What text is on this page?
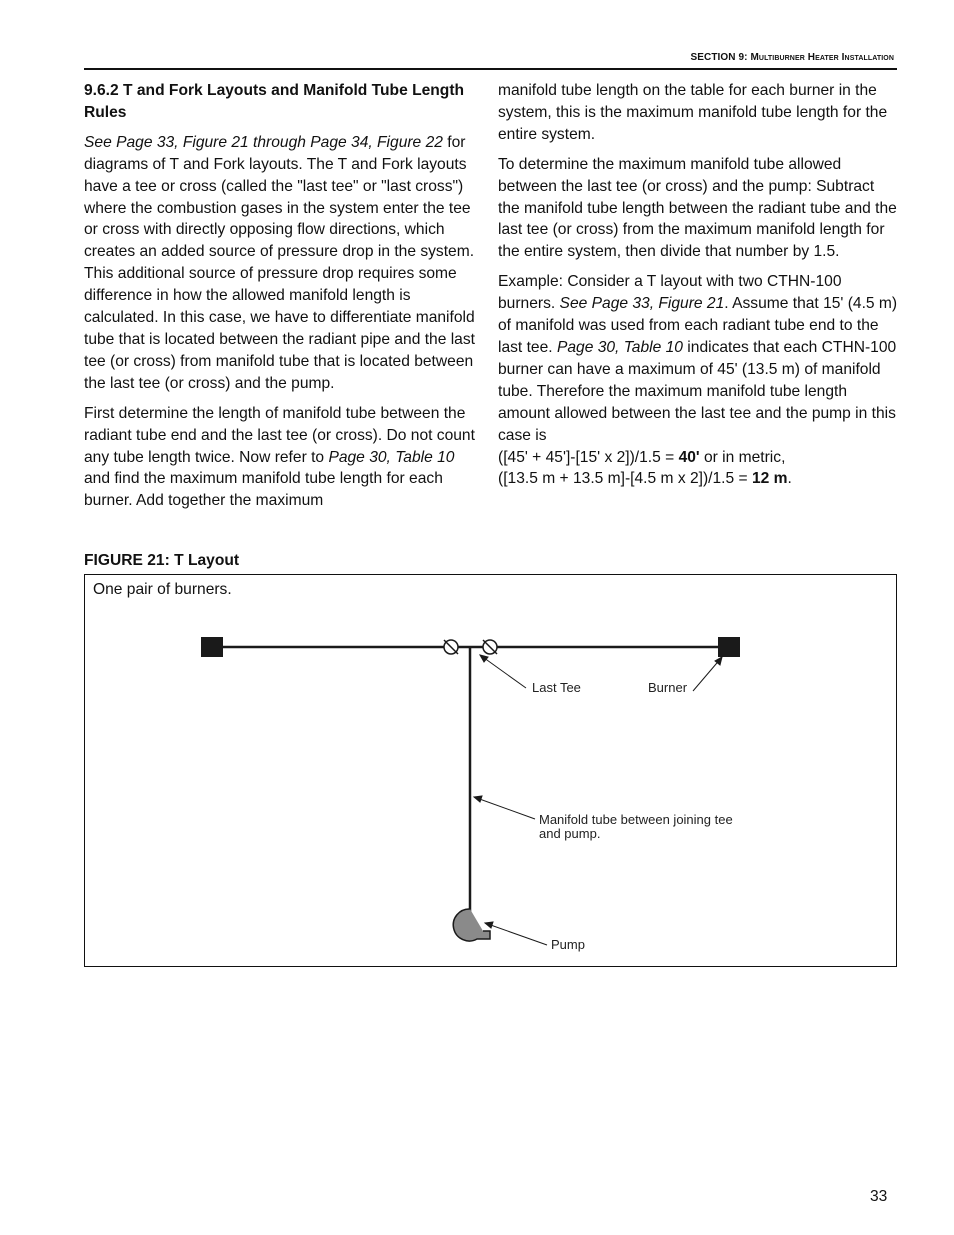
SECTION 9: Multiburner Heater Installation

9.6.2 T and Fork Layouts and Manifold Tube Length Rules

See Page 33, Figure 21 through Page 34, Figure 22 for diagrams of T and Fork layouts. The T and Fork layouts have a tee or cross (called the "last tee" or "last cross") where the combustion gases in the system enter the tee or cross with directly opposing flow directions, which creates an added source of pressure drop in the system. This additional source of pressure drop requires some difference in how the allowed manifold length is calculated. In this case, we have to differentiate manifold tube that is located between the radiant pipe and the last tee (or cross) from manifold tube that is located between the last tee (or cross) and the pump.

First determine the length of manifold tube between the radiant tube end and the last tee (or cross). Do not count any tube length twice. Now refer to Page 30, Table 10 and find the maximum manifold tube length for each burner. Add together the maximum

manifold tube length on the table for each burner in the system, this is the maximum manifold tube length for the entire system.

To determine the maximum manifold tube allowed between the last tee (or cross) and the pump: Subtract the manifold tube length between the radiant tube and the last tee (or cross) from the maximum manifold length for the entire system, then divide that number by 1.5.

Example: Consider a T layout with two CTHN-100 burners. See Page 33, Figure 21. Assume that 15' (4.5 m) of manifold was used from each radiant tube end to the last tee. Page 30, Table 10 indicates that each CTHN-100 burner can have a maximum of 45' (13.5 m) of manifold tube. Therefore the maximum manifold tube length amount allowed between the last tee and the pump in this case is

([45' + 45']-[15' x 2])/1.5 = 40' or in metric,
([13.5 m + 13.5 m]-[4.5 m x 2])/1.5 = 12 m.
FIGURE 21: T Layout
One pair of burners.
Last Tee	Burner
Manifold tube between joining tee
and pump.
Pump
33
